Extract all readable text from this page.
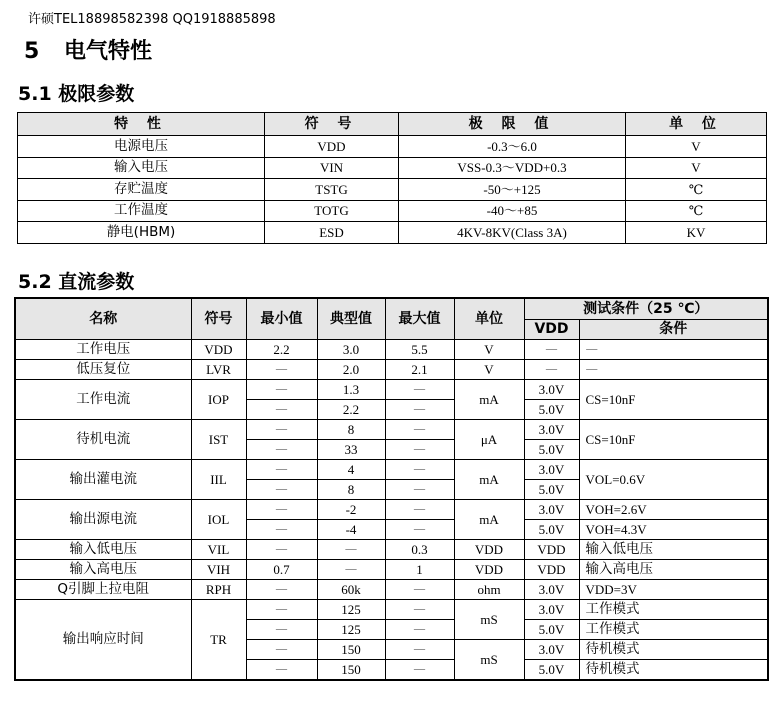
许硕TEL18898582398 QQ1918885898
5 电气特性
5.1 极限参数
特 性	符 号	极 限 值	单 位
电源电压	VDD	-0.3～6.0	V
输入电压	VIN	VSS-0.3～VDD+0.3	V
存贮温度	TSTG	-50～+125	℃
工作温度	TOTG	-40～+85	℃
静电(HBM)	ESD	4KV-8KV(Class 3A)	KV
5.2 直流参数
名称	符号	最小值	典型值	最大值	单位	测试条件（25 ℃）	
						VDD	条件
工作电压	VDD	2.2	3.0	5.5	V	—	—
低压复位	LVR	—	2.0	2.1	V	—	—
工作电流	IOP	—	1.3	—	mA	3.0V	CS=10nF
		—	2.2	—		5.0V	
待机电流	IST	—	8	—	μA	3.0V	CS=10nF
		—	33	—		5.0V	
输出灌电流	IIL	—	4	—	mA	3.0V	VOL=0.6V
		—	8	—		5.0V	
输出源电流	IOL	—	-2	—	mA	3.0V	VOH=2.6V
		—	-4	—		5.0V	VOH=4.3V
输入低电压	VIL	—	—	0.3	VDD	VDD	输入低电压
输入高电压	VIH	0.7	—	1	VDD	VDD	输入高电压
Q引脚上拉电阻	RPH	—	60k	—	ohm	3.0V	VDD=3V
输出响应时间	TR	—	125	—	mS	3.0V	工作模式
		—	125	—		5.0V	工作模式
		—	150	—	mS	3.0V	待机模式
		—	150	—		5.0V	待机模式
